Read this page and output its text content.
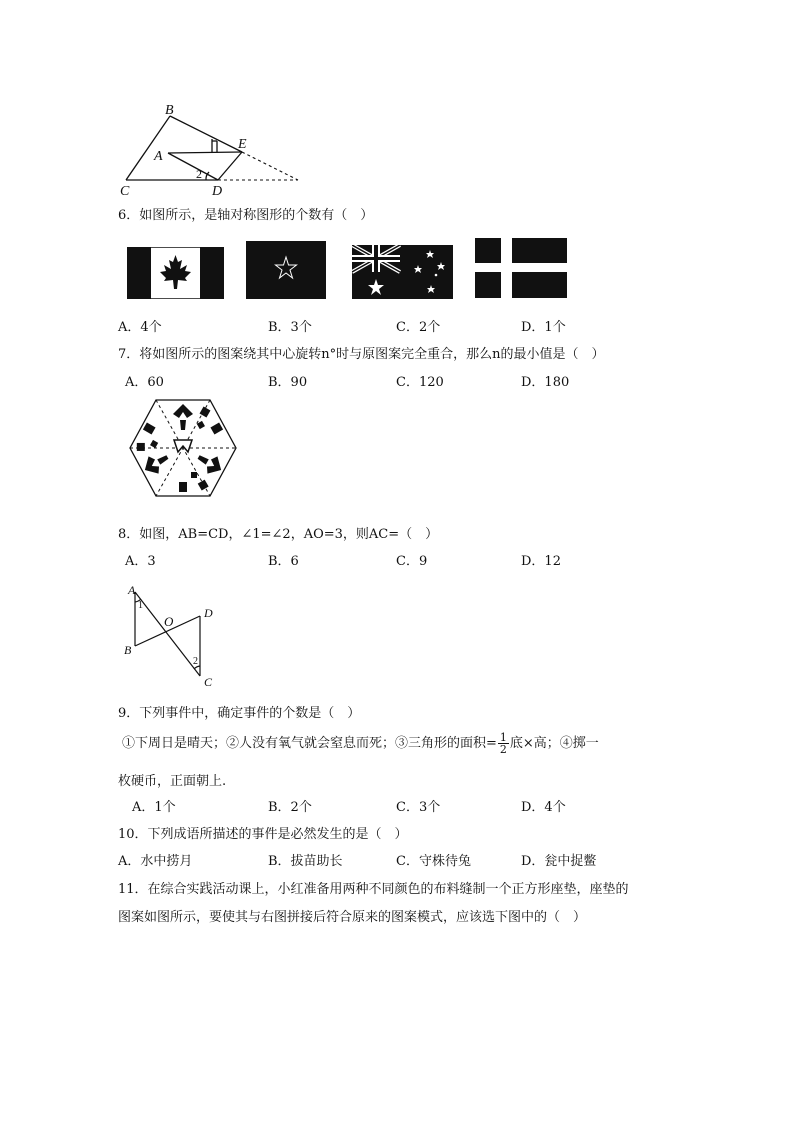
B
E
A
C	D
2
6．如图所示，是轴对称图形的个数有（　）
A．4个	B．3个	C．2个	D．1个
7．将如图所示的图案绕其中心旋转n°时与原图案完全重合，那么n的最小值是（　）
A．60	B．90	C．120	D．180
8．如图，AB=CD，∠1=∠2，AO=3，则AC=（　）
A．3	B．6	C．9	D．12
A
B
O
D
C
1
2
9．下列事件中，确定事件的个数是（　）
①下周日是晴天；②人没有氧气就会窒息而死；③三角形的面积= $\frac{1}{2}$ 底×高；④掷一
枚硬币，正面朝上.
A．1个	B．2个	C．3个	D．4个
10．下列成语所描述的事件是必然发生的是（　）
A．水中捞月	B．拔苗助长	C．守株待兔	D．瓮中捉鳖
11．在综合实践活动课上，小红准备用两种不同颜色的布料缝制一个正方形座垫，座垫的
图案如图所示，要使其与右图拼接后符合原来的图案模式，应该选下图中的（　）
